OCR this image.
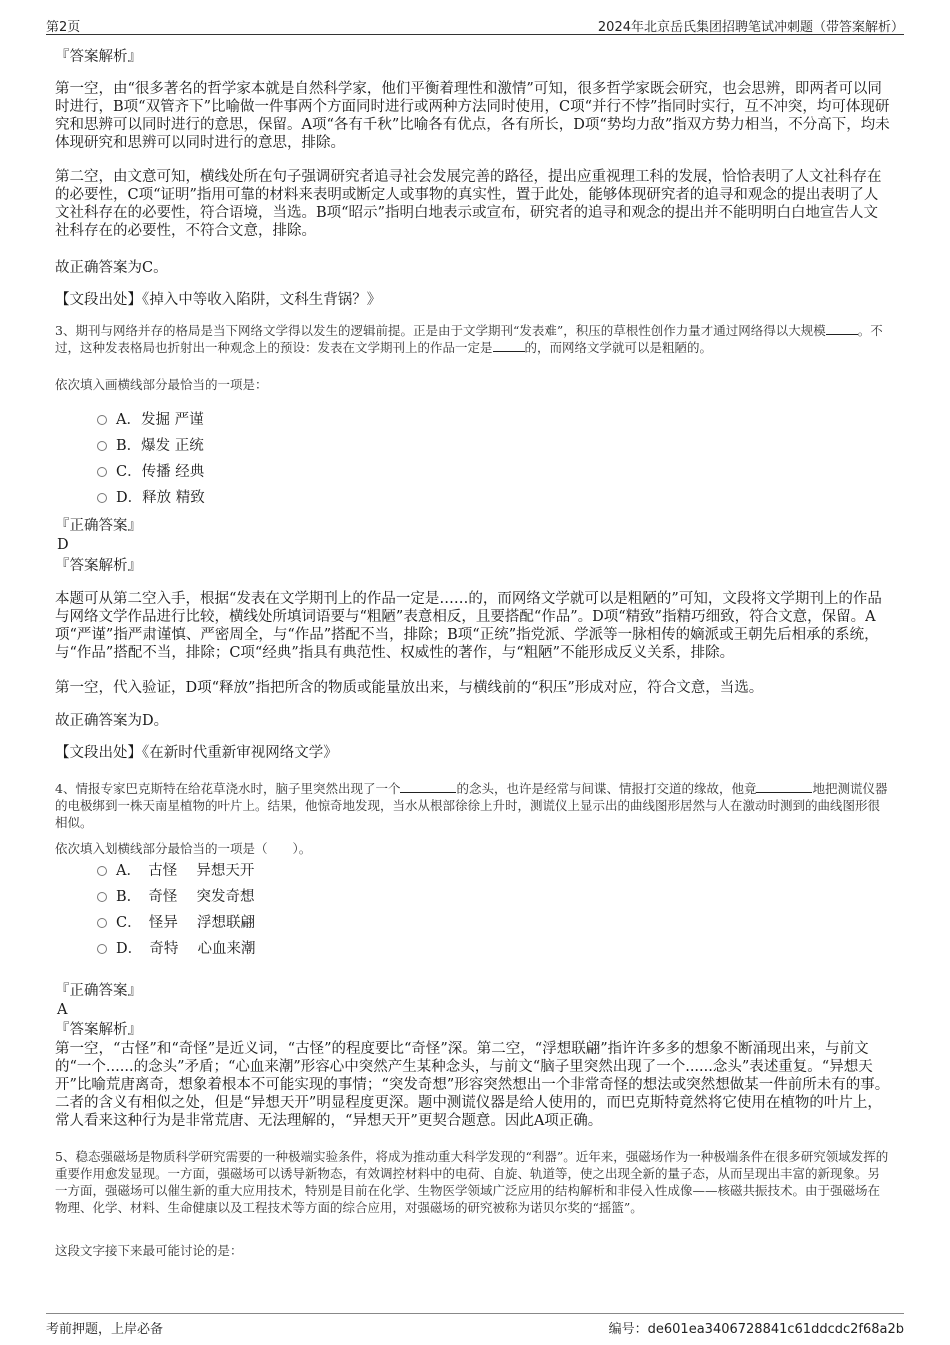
第2页	2024年北京岳氏集团招聘笔试冲刺题（带答案解析）

『答案解析』

第一空，由“很多著名的哲学家本就是自然科学家，他们平衡着理性和激情”可知，很多哲学家既会研究，也会思辨，即两者可以同时进行，B项“双管齐下”比喻做一件事两个方面同时进行或两种方法同时使用，C项“并行不悖”指同时实行，互不冲突，均可体现研究和思辨可以同时进行的意思，保留。A项“各有千秋”比喻各有优点，各有所长，D项“势均力敌”指双方势力相当，不分高下，均未体现研究和思辨可以同时进行的意思，排除。

第二空，由文意可知，横线处所在句子强调研究者追寻社会发展完善的路径，提出应重视理工科的发展，恰恰表明了人文社科存在的必要性，C项“证明”指用可靠的材料来表明或断定人或事物的真实性，置于此处，能够体现研究者的追寻和观念的提出表明了人文社科存在的必要性，符合语境，当选。B项“昭示”指明白地表示或宣布，研究者的追寻和观念的提出并不能明明白白地宣告人文社科存在的必要性，不符合文意，排除。

故正确答案为C。

【文段出处】《掉入中等收入陷阱，文科生背锅？》

3、期刊与网络并存的格局是当下网络文学得以发生的逻辑前提。正是由于文学期刊“发表难”，积压的草根性创作力量才通过网络得以大规模	。不过，这种发表格局也折射出一种观念上的预设：发表在文学期刊上的作品一定是	的，而网络文学就可以是粗陋的。

依次填入画横线部分最恰当的一项是：

A．发掘 严谨
B．爆发 正统
C．传播 经典
D．释放 精致

『正确答案』

D

『答案解析』

本题可从第二空入手，根据“发表在文学期刊上的作品一定是……的，而网络文学就可以是粗陋的”可知，文段将文学期刊上的作品与网络文学作品进行比较，横线处所填词语要与“粗陋”表意相反，且要搭配“作品”。D项“精致”指精巧细致，符合文意，保留。A项“严谨”指严肃谨慎、严密周全，与“作品”搭配不当，排除；B项“正统”指党派、学派等一脉相传的嫡派或王朝先后相承的系统，与“作品”搭配不当，排除；C项“经典”指具有典范性、权威性的著作，与“粗陋”不能形成反义关系，排除。

第一空，代入验证，D项“释放”指把所含的物质或能量放出来，与横线前的“积压”形成对应，符合文意，当选。

故正确答案为D。

【文段出处】《在新时代重新审视网络文学》

4、情报专家巴克斯特在给花草浇水时，脑子里突然出现了一个	的念头，也许是经常与间谍、情报打交道的缘故，他竟	地把测谎仪器的电极绑到一株天南星植物的叶片上。结果，他惊奇地发现，当水从根部徐徐上升时，测谎仪上显示出的曲线图形居然与人在激动时测到的曲线图形很相似。

依次填入划横线部分最恰当的一项是（　　）。

A．　古怪　 异想天开
B．　奇怪　 突发奇想
C．　怪异　 浮想联翩
D．　奇特　 心血来潮

『正确答案』

A

『答案解析』

第一空，“古怪”和“奇怪”是近义词，“古怪”的程度要比“奇怪”深。第二空，“浮想联翩”指许许多多的想象不断涌现出来，与前文的“一个......的念头”矛盾；“心血来潮”形容心中突然产生某种念头，与前文“脑子里突然出现了一个......念头”表述重复。“异想天开”比喻荒唐离奇，想象着根本不可能实现的事情；“突发奇想”形容突然想出一个非常奇怪的想法或突然想做某一件前所未有的事。二者的含义有相似之处，但是“异想天开”明显程度更深。题中测谎仪器是给人使用的，而巴克斯特竟然将它使用在植物的叶片上，常人看来这种行为是非常荒唐、无法理解的，“异想天开”更契合题意。因此A项正确。

5、稳态强磁场是物质科学研究需要的一种极端实验条件，将成为推动重大科学发现的“利器”。近年来，强磁场作为一种极端条件在很多研究领域发挥的重要作用愈发显现。一方面，强磁场可以诱导新物态，有效调控材料中的电荷、自旋、轨道等，使之出现全新的量子态，从而呈现出丰富的新现象。另一方面，强磁场可以催生新的重大应用技术，特别是目前在化学、生物医学领域广泛应用的结构解析和非侵入性成像——核磁共振技术。由于强磁场在物理、化学、材料、生命健康以及工程技术等方面的综合应用，对强磁场的研究被称为诺贝尔奖的“摇篮”。

这段文字接下来最可能讨论的是：

考前押题，上岸必备	编号：de601ea3406728841c61ddcdc2f68a2b
